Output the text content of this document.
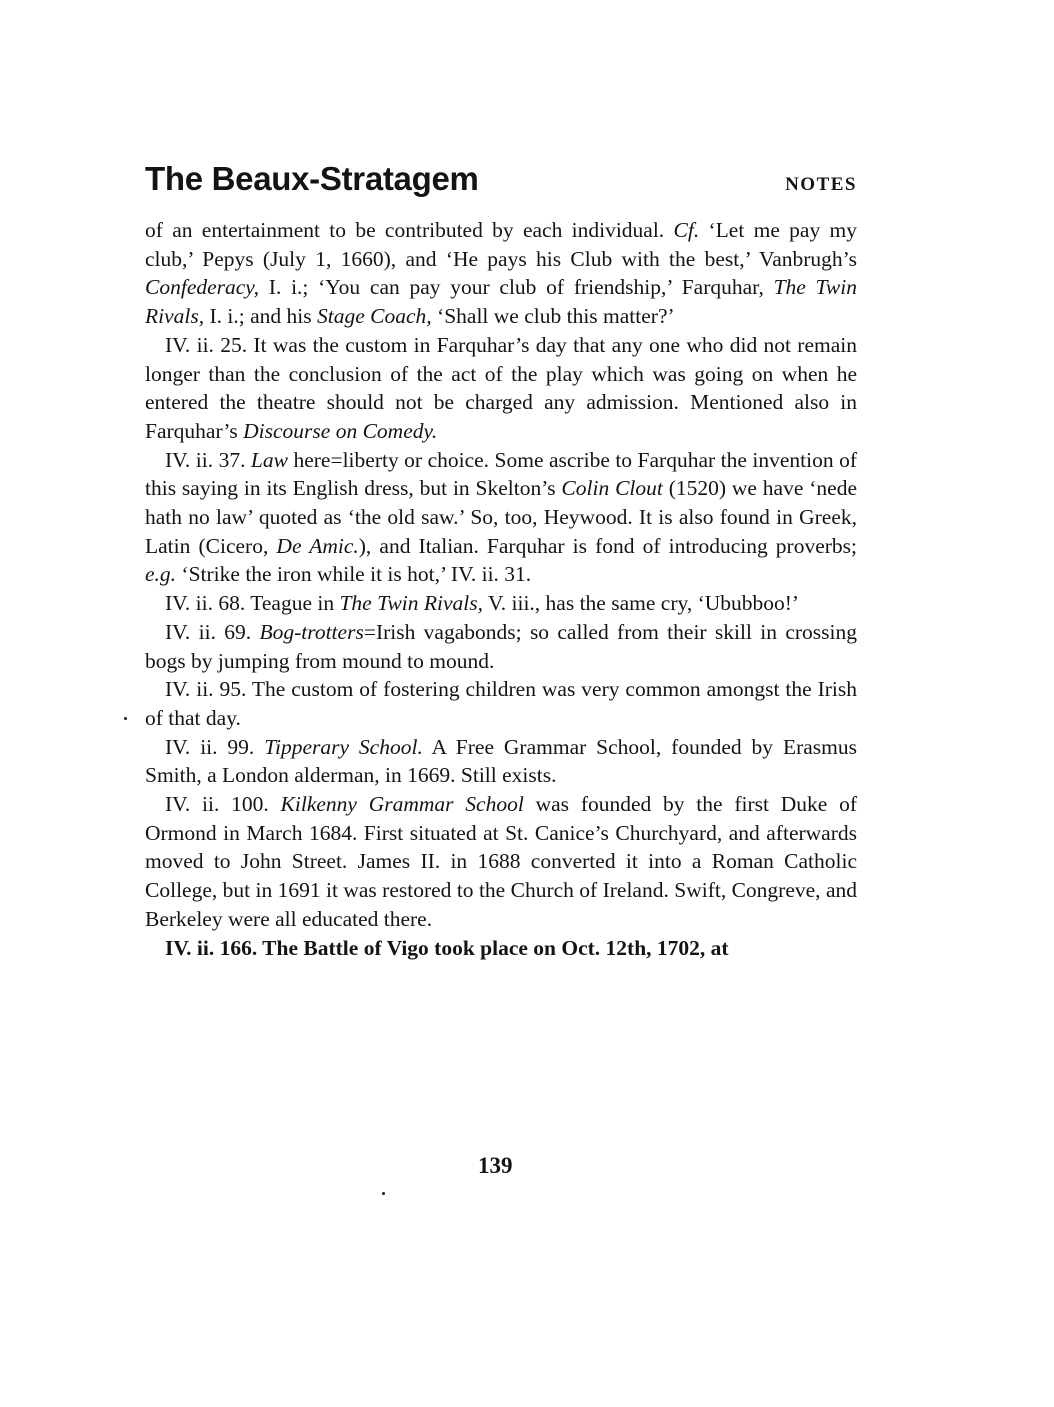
The Beaux-Stratagem	NOTES

of an entertainment to be contributed by each individual. Cf. ‘Let me pay my club,’ Pepys (July 1, 1660), and ‘He pays his Club with the best,’ Vanbrugh’s Confederacy, I. i.; ‘You can pay your club of friendship,’ Farquhar, The Twin Rivals, I. i.; and his Stage Coach, ‘Shall we club this matter?’

IV. ii. 25. It was the custom in Farquhar’s day that any one who did not remain longer than the conclusion of the act of the play which was going on when he entered the theatre should not be charged any admission. Mentioned also in Farquhar’s Discourse on Comedy.

IV. ii. 37. Law here=liberty or choice. Some ascribe to Farquhar the invention of this saying in its English dress, but in Skelton’s Colin Clout (1520) we have ‘nede hath no law’ quoted as ‘the old saw.’ So, too, Heywood. It is also found in Greek, Latin (Cicero, De Amic.), and Italian. Farquhar is fond of introducing proverbs; e.g. ‘Strike the iron while it is hot,’ IV. ii. 31.

IV. ii. 68. Teague in The Twin Rivals, V. iii., has the same cry, ‘Ububboo!’

IV. ii. 69. Bog-trotters=Irish vagabonds; so called from their skill in crossing bogs by jumping from mound to mound.

IV. ii. 95. The custom of fostering children was very common amongst the Irish of that day.

IV. ii. 99. Tipperary School. A Free Grammar School, founded by Erasmus Smith, a London alderman, in 1669. Still exists.

IV. ii. 100. Kilkenny Grammar School was founded by the first Duke of Ormond in March 1684. First situated at St. Canice’s Churchyard, and afterwards moved to John Street. James II. in 1688 converted it into a Roman Catholic College, but in 1691 it was restored to the Church of Ireland. Swift, Congreve, and Berkeley were all educated there.

IV. ii. 166. The Battle of Vigo took place on Oct. 12th, 1702, at

139
